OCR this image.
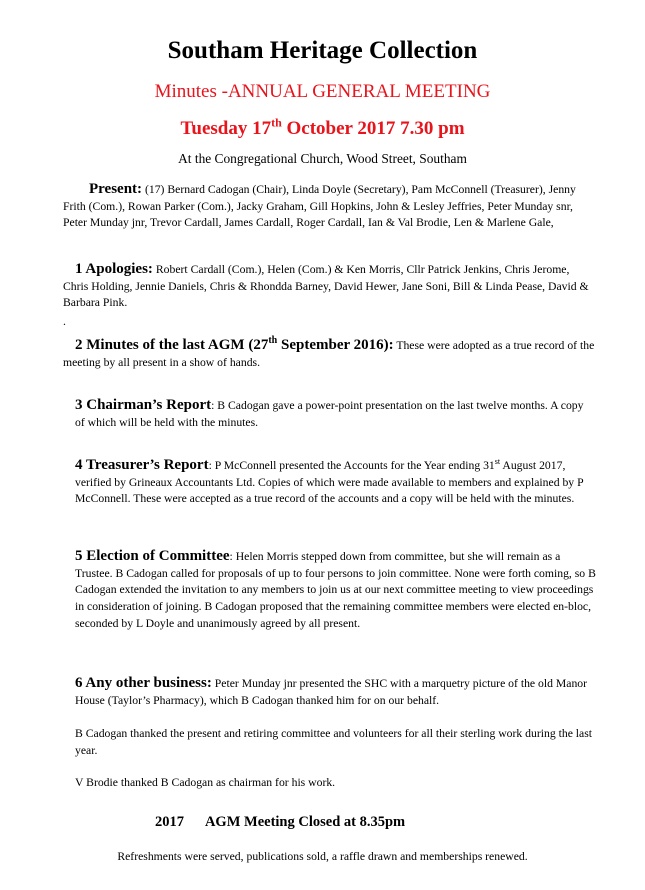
Southam Heritage Collection
Minutes -ANNUAL GENERAL MEETING
Tuesday 17th October 2017 7.30 pm
At the Congregational Church, Wood Street, Southam
Present: (17) Bernard Cadogan (Chair), Linda Doyle (Secretary), Pam McConnell (Treasurer), Jenny Frith (Com.), Rowan Parker (Com.), Jacky Graham, Gill Hopkins, John & Lesley Jeffries, Peter Munday snr, Peter Munday jnr, Trevor Cardall, James Cardall, Roger Cardall, Ian & Val Brodie, Len & Marlene Gale,
1 Apologies: Robert Cardall (Com.), Helen (Com.) & Ken Morris, Cllr Patrick Jenkins, Chris Jerome, Chris Holding, Jennie Daniels, Chris & Rhondda Barney, David Hewer, Jane Soni, Bill & Linda Pease, David & Barbara Pink.
.
2 Minutes of the last AGM (27th September 2016): These were adopted as a true record of the meeting by all present in a show of hands.
3 Chairman’s Report: B Cadogan gave a power-point presentation on the last twelve months. A copy of which will be held with the minutes.
4 Treasurer’s Report: P McConnell presented the Accounts for the Year ending 31st August 2017, verified by Grineaux Accountants Ltd. Copies of which were made available to members and explained by P McConnell. These were accepted as a true record of the accounts and a copy will be held with the minutes.
5 Election of Committee: Helen Morris stepped down from committee, but she will remain as a Trustee. B Cadogan called for proposals of up to four persons to join committee. None were forth coming, so B Cadogan extended the invitation to any members to join us at our next committee meeting to view proceedings in consideration of joining. B Cadogan proposed that the remaining committee members were elected en-bloc, seconded by L Doyle and unanimously agreed by all present.
6 Any other business: Peter Munday jnr presented the SHC with a marquetry picture of the old Manor House (Taylor’s Pharmacy), which B Cadogan thanked him for on our behalf.
B Cadogan thanked the present and retiring committee and volunteers for all their sterling work during the last year.
V Brodie thanked B Cadogan as chairman for his work.
2017 AGM Meeting Closed at 8.35pm
Refreshments were served, publications sold, a raffle drawn and memberships renewed.
